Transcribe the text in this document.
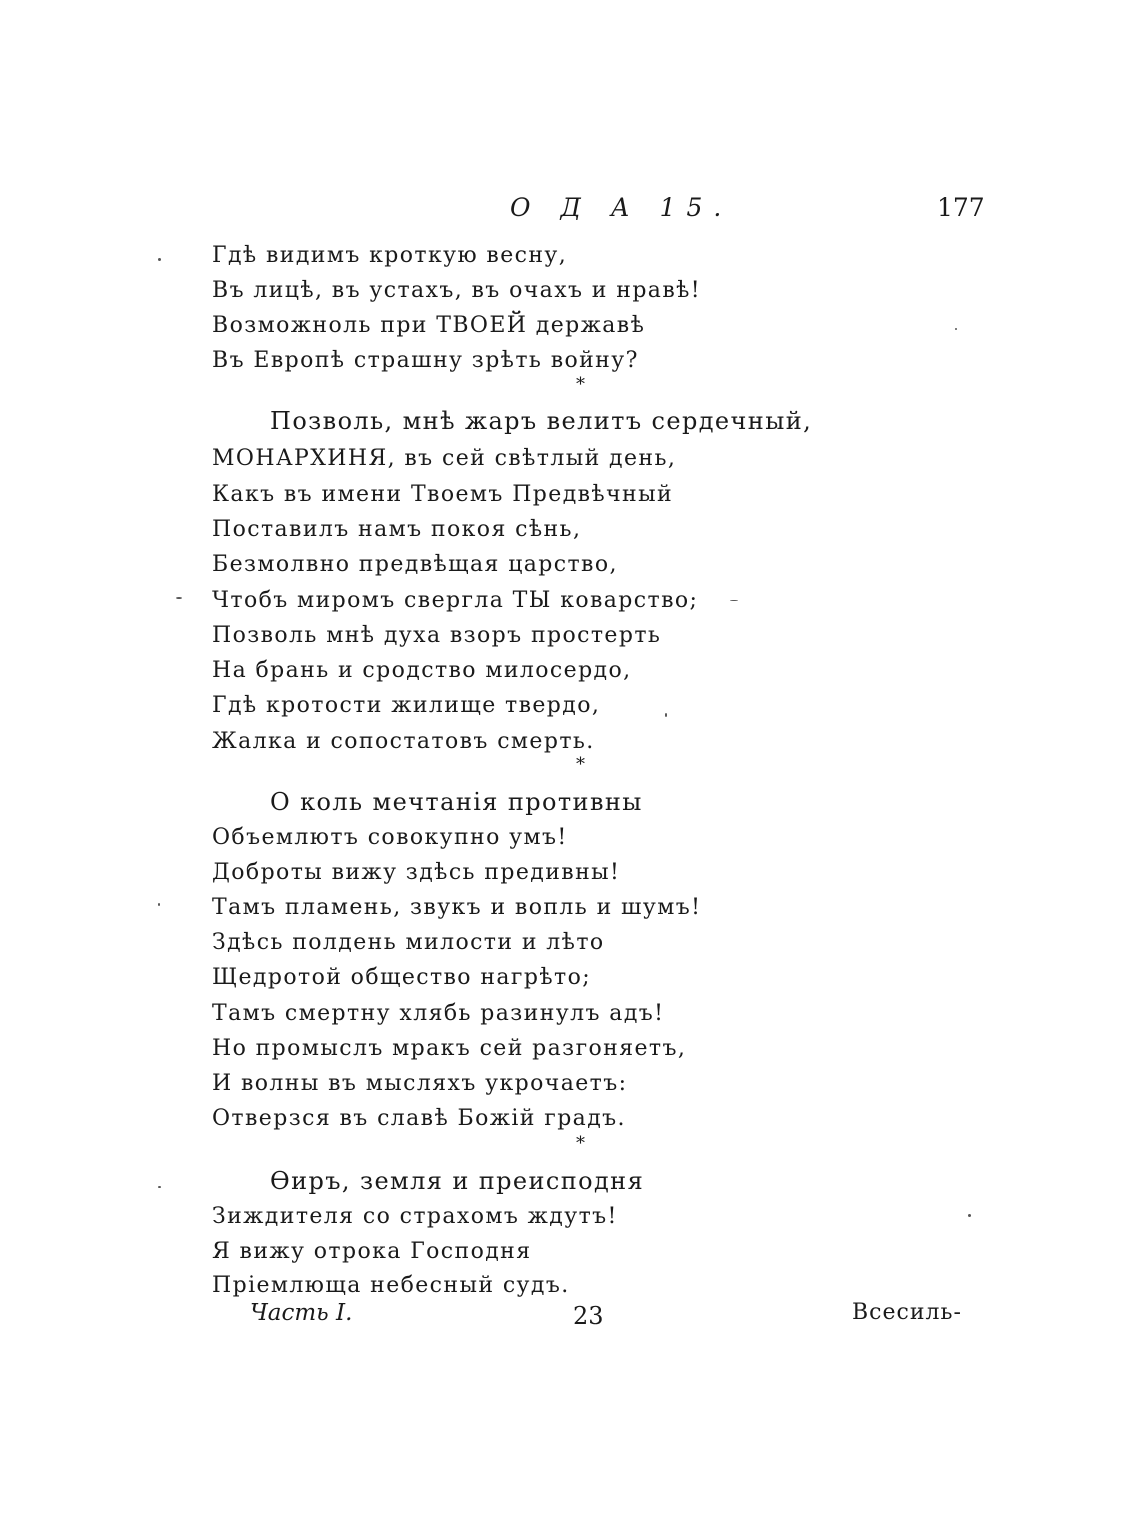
О Д А 15.	177
Гдѣ видимъ кроткую весну,
Въ лицѣ, въ устахъ, въ очахъ и нравѣ!
Возможноль при ТВОЕЙ державѣ
Въ Европѣ страшну зрѣть войну?
*
Позволь, мнѣ жаръ велитъ сердечный,
МОНАРХИНЯ, въ сей свѣтлый день,
Какъ въ имени Твоемъ Предвѣчный
Поставилъ намъ покоя сѣнь,
Безмолвно предвѣщая царство,
Чтобъ миромъ свергла ТЫ коварство;
Позволь мнѣ духа взоръ простерть
На брань и сродство милосердо,
Гдѣ кротости жилище твердо,
Жалка и сопостатовъ смерть.
*
О коль мечтанія противны
Объемлютъ совокупно умъ!
Доброты вижу здѣсь предивны!
Тамъ пламень, звукъ и вопль и шумъ!
Здѣсь полдень милости и лѣто
Щедротой общество нагрѣто;
Тамъ смертну хлябь разинулъ адъ!
Но промыслъ мракъ сей разгоняетъ,
И волны въ мысляхъ укрочаетъ:
Отверзся въ славѣ Божій градъ.
*
Ѳиръ, земля и преисподня
Зиждителя со страхомъ ждутъ!
Я вижу отрока Господня
Пріемлюща небесный судъ.
Часть I.	23	Всесиль-
